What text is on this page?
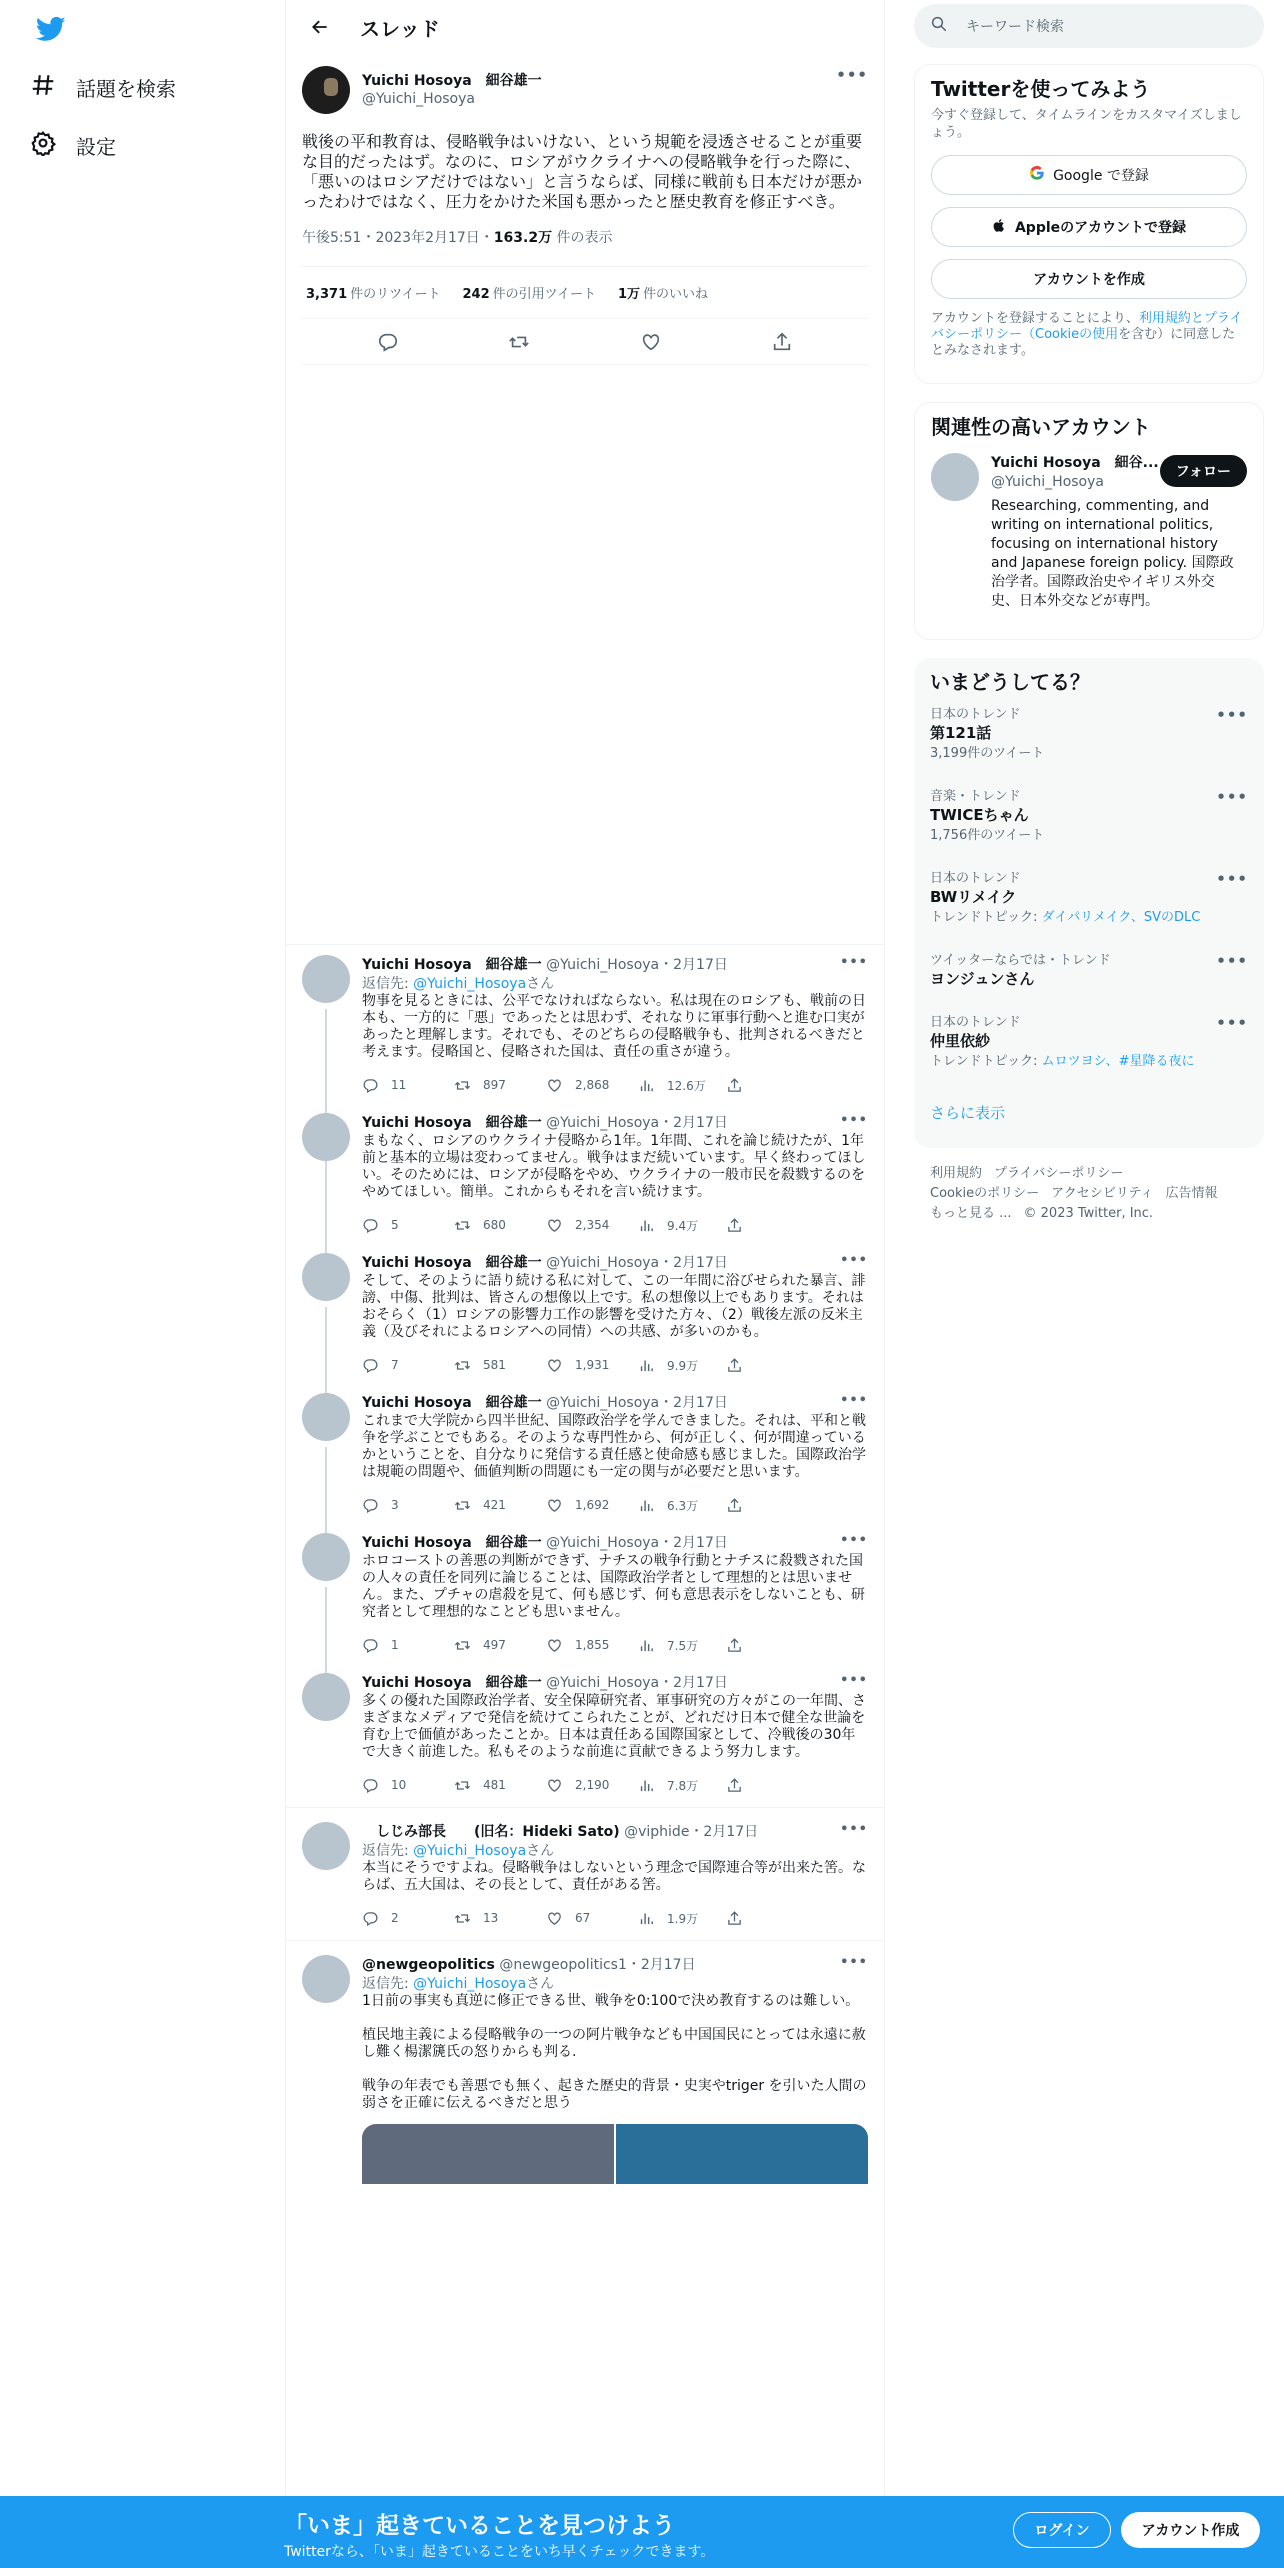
話題を検索
設定
スレッド
Yuichi Hosoya　細谷雄一
@Yuichi_Hosoya
•••
戦後の平和教育は、侵略戦争はいけない、という規範を浸透させることが重要な目的だったはず。なのに、ロシアがウクライナへの侵略戦争を行った際に、「悪いのはロシアだけではない」と言うならば、同様に戦前も日本だけが悪かったわけではなく、圧力をかけた米国も悪かったと歴史教育を修正すべき。
午後5:51・2023年2月17日・163.2万 件の表示
3,371 件のリツイート 242 件の引用ツイート 1万 件のいいね
•••
Yuichi Hosoya　細谷雄一 @Yuichi_Hosoya・2月17日
返信先: @Yuichi_Hosoyaさん
物事を見るときには、公平でなければならない。私は現在のロシアも、戦前の日本も、一方的に「悪」であったとは思わず、それなりに軍事行動へと進む口実があったと理解します。それでも、そのどちらの侵略戦争も、批判されるべきだと考えます。侵略国と、侵略された国は、責任の重さが違う。
11	897	2,868	12.6万
•••
Yuichi Hosoya　細谷雄一 @Yuichi_Hosoya・2月17日
まもなく、ロシアのウクライナ侵略から1年。1年間、これを論じ続けたが、1年前と基本的立場は変わってません。戦争はまだ続いています。早く終わってほしい。そのためには、ロシアが侵略をやめ、ウクライナの一般市民を殺戮するのをやめてほしい。簡単。これからもそれを言い続けます。
5	680	2,354	9.4万
•••
Yuichi Hosoya　細谷雄一 @Yuichi_Hosoya・2月17日
そして、そのように語り続ける私に対して、この一年間に浴びせられた暴言、誹謗、中傷、批判は、皆さんの想像以上です。私の想像以上でもあります。それはおそらく（1）ロシアの影響力工作の影響を受けた方々、（2）戦後左派の反米主義（及びそれによるロシアへの同情）への共感、が多いのかも。
7	581	1,931	9.9万
•••
Yuichi Hosoya　細谷雄一 @Yuichi_Hosoya・2月17日
これまで大学院から四半世紀、国際政治学を学んできました。それは、平和と戦争を学ぶことでもある。そのような専門性から、何が正しく、何が間違っているかということを、自分なりに発信する責任感と使命感も感じました。国際政治学は規範の問題や、価値判断の問題にも一定の関与が必要だと思います。
3	421	1,692	6.3万
•••
Yuichi Hosoya　細谷雄一 @Yuichi_Hosoya・2月17日
ホロコーストの善悪の判断ができず、ナチスの戦争行動とナチスに殺戮された国の人々の責任を同列に論じることは、国際政治学者として理想的とは思いません。また、プチャの虐殺を見て、何も感じず、何も意思表示をしないことも、研究者として理想的なことども思いません。
1	497	1,855	7.5万
•••
Yuichi Hosoya　細谷雄一 @Yuichi_Hosoya・2月17日
多くの優れた国際政治学者、安全保障研究者、軍事研究の方々がこの一年間、さまざまなメディアで発信を続けてこられたことが、どれだけ日本で健全な世論を育む上で価値があったことか。日本は責任ある国際国家として、冷戦後の30年で大きく前進した。私もそのような前進に貢献できるよう努力します。
10	481	2,190	7.8万
•••
　しじみ部長　　(旧名：Hideki Sato) @viphide・2月17日
返信先: @Yuichi_Hosoyaさん
本当にそうですよね。侵略戦争はしないという理念で国際連合等が出来た筈。ならば、五大国は、その長として、責任がある筈。
2	13	67	1.9万
•••
@newgeopolitics @newgeopolitics1・2月17日
返信先: @Yuichi_Hosoyaさん
1日前の事実も真逆に修正できる世、戦争を0:100で決め教育するのは難しい。

植民地主義による侵略戦争の一つの阿片戦争なども中国国民にとっては永遠に赦し難く楊潔篪氏の怒りからも判る.

戦争の年表でも善悪でも無く、起きた歴史的背景・史実やtriger を引いた人間の弱さを正確に伝えるべきだと思う
キーワード検索
Twitterを使ってみよう
今すぐ登録して、タイムラインをカスタマイズしましょう。
Google で登録
Appleのアカウントで登録
アカウントを作成
アカウントを登録することにより、利用規約とプライバシーポリシー（Cookieの使用を含む）に同意したとみなされます。
関連性の高いアカウント
Yuichi Hosoya　細谷...
@Yuichi_Hosoya
Researching, commenting, and writing on international politics, focusing on international history and Japanese foreign policy. 国際政治学者。国際政治史やイギリス外交史、日本外交などが専門。
フォロー
いまどうしてる？
日本のトレンド
第121話
3,199件のツイート
•••
音楽・トレンド
TWICEちゃん
1,756件のツイート
•••
日本のトレンド
BWリメイク
トレンドトピック: ダイパリメイク、SVのDLC
•••
ツイッターならでは・トレンド
ヨンジュンさん
•••
日本のトレンド
仲里依紗
トレンドトピック: ムロツヨシ、#星降る夜に
•••
さらに表示
利用規約 プライバシーポリシー
Cookieのポリシー アクセシビリティ 広告情報
もっと見る ... © 2023 Twitter, Inc.
「いま」起きていることを見つけよう
Twitterなら、「いま」起きていることをいち早くチェックできます。
ログイン	アカウント作成
